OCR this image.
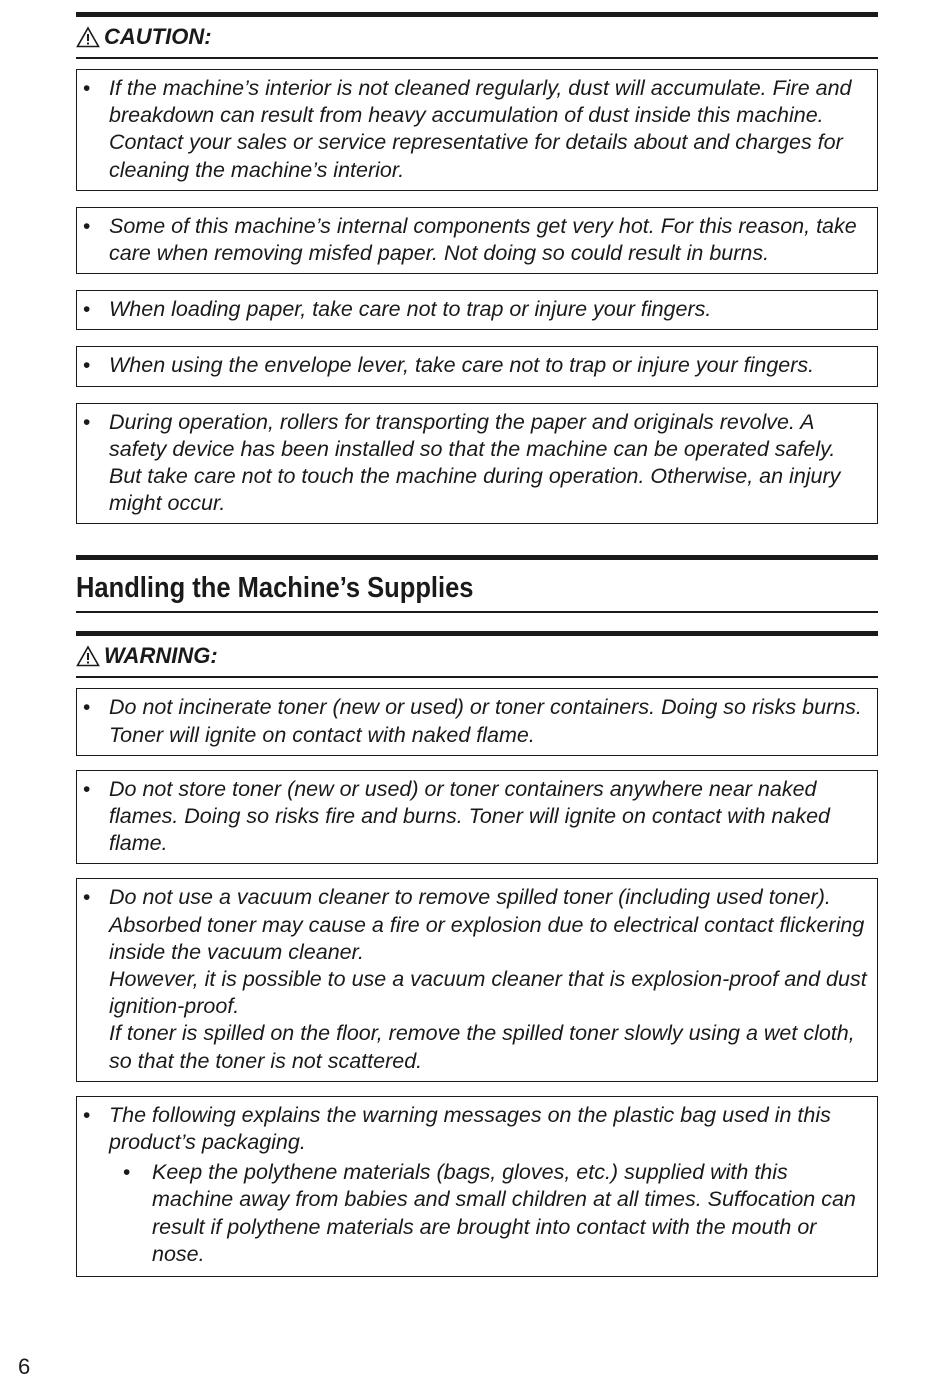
CAUTION:
• If the machine’s interior is not cleaned regularly, dust will accumulate. Fire and breakdown can result from heavy accumulation of dust inside this machine. Contact your sales or service representative for details about and charges for cleaning the machine’s interior.

• Some of this machine’s internal components get very hot. For this reason, take care when removing misfed paper. Not doing so could result in burns.

• When loading paper, take care not to trap or injure your fingers.

• When using the envelope lever, take care not to trap or injure your fingers.

• During operation, rollers for transporting the paper and originals revolve. A safety device has been installed so that the machine can be operated safely. But take care not to touch the machine during operation. Otherwise, an injury might occur.

Handling the Machine’s Supplies
WARNING:
• Do not incinerate toner (new or used) or toner containers. Doing so risks burns. Toner will ignite on contact with naked flame.

• Do not store toner (new or used) or toner containers anywhere near naked flames. Doing so risks fire and burns. Toner will ignite on contact with naked flame.

• Do not use a vacuum cleaner to remove spilled toner (including used toner).

Absorbed toner may cause a fire or explosion due to electrical contact flickering inside the vacuum cleaner.

However, it is possible to use a vacuum cleaner that is explosion-proof and dust ignition-proof.

If toner is spilled on the floor, remove the spilled toner slowly using a wet cloth, so that the toner is not scattered.

• The following explains the warning messages on the plastic bag used in this product’s packaging.

• Keep the polythene materials (bags, gloves, etc.) supplied with this machine away from babies and small children at all times. Suffocation can result if polythene materials are brought into contact with the mouth or nose.

6
